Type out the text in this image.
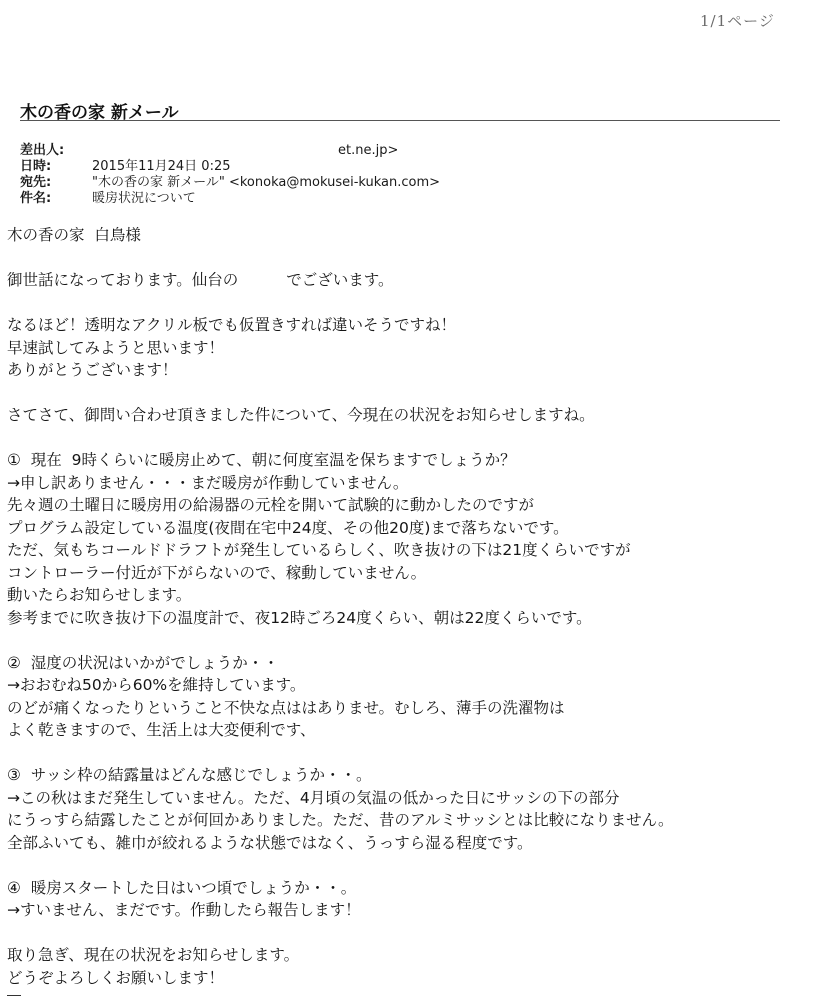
1/1ページ
木の香の家 新メール
差出人:	et.ne.jp>
日時:	2015年11月24日 0:25
宛先:	"木の香の家 新メール" <konoka@mokusei-kukan.com>
件名:	暖房状況について
木の香の家  白鳥様
御世話になっております。仙台の	でございます。
なるほど！透明なアクリル板でも仮置きすれば違いそうですね！
早速試してみようと思います！
ありがとうございます！
さてさて、御問い合わせ頂きました件について、今現在の状況をお知らせしますね。
①  現在  9時くらいに暖房止めて、朝に何度室温を保ちますでしょうか？
→申し訳ありません・・・まだ暖房が作動していません。
先々週の土曜日に暖房用の給湯器の元栓を開いて試験的に動かしたのですが
プログラム設定している温度(夜間在宅中24度、その他20度)まで落ちないです。
ただ、気もちコールドドラフトが発生しているらしく、吹き抜けの下は21度くらいですが
コントローラー付近が下がらないので、稼動していません。
動いたらお知らせします。
参考までに吹き抜け下の温度計で、夜12時ごろ24度くらい、朝は22度くらいです。
②  湿度の状況はいかがでしょうか・・
→おおむね50から60%を維持しています。
のどが痛くなったりということ不快な点ははありませ。むしろ、薄手の洗濯物は
よく乾きますので、生活上は大変便利です、
③  サッシ枠の結露量はどんな感じでしょうか・・。
→この秋はまだ発生していません。ただ、4月頃の気温の低かった日にサッシの下の部分
にうっすら結露したことが何回かありました。ただ、昔のアルミサッシとは比較になりません。
全部ふいても、雑巾が絞れるような状態ではなく、うっすら湿る程度です。
④  暖房スタートした日はいつ頃でしょうか・・。
→すいません、まだです。作動したら報告します！
取り急ぎ、現在の状況をお知らせします。
どうぞよろしくお願いします！
